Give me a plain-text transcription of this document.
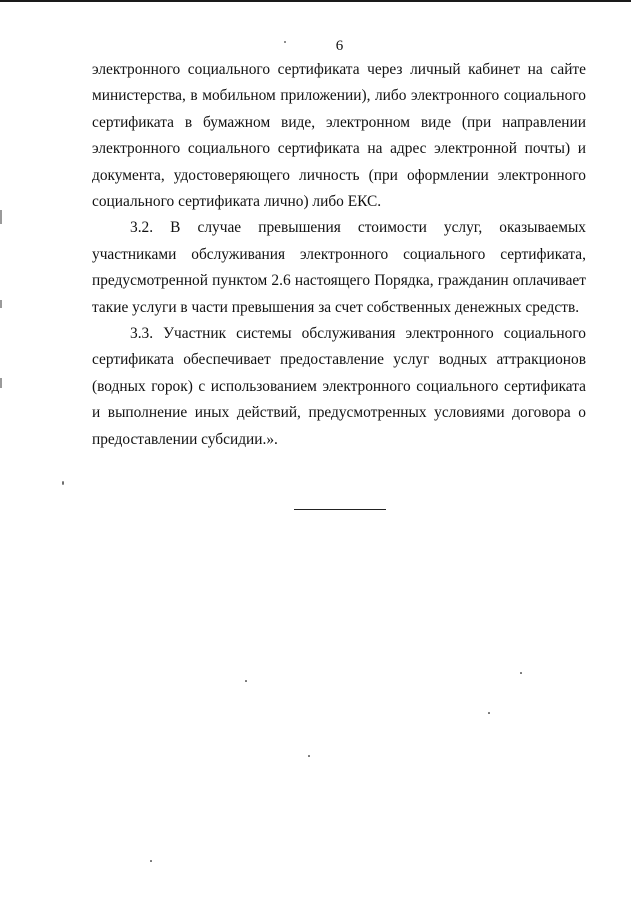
6

электронного социального сертификата через личный кабинет на сайте министерства, в мобильном приложении), либо электронного социального сертификата в бумажном виде, электронном виде (при направлении электронного социального сертификата на адрес электронной почты) и документа, удостоверяющего личность (при оформлении электронного социального сертификата лично) либо ЕКС.

3.2. В случае превышения стоимости услуг, оказываемых участниками обслуживания электронного социального сертификата, предусмотренной пунктом 2.6 настоящего Порядка, гражданин оплачивает такие услуги в части превышения за счет собственных денежных средств.

3.3. Участник системы обслуживания электронного социального сертификата обеспечивает предоставление услуг водных аттракционов (водных горок) с использованием электронного социального сертификата и выполнение иных действий, предусмотренных условиями договора о предоставлении субсидии.».
